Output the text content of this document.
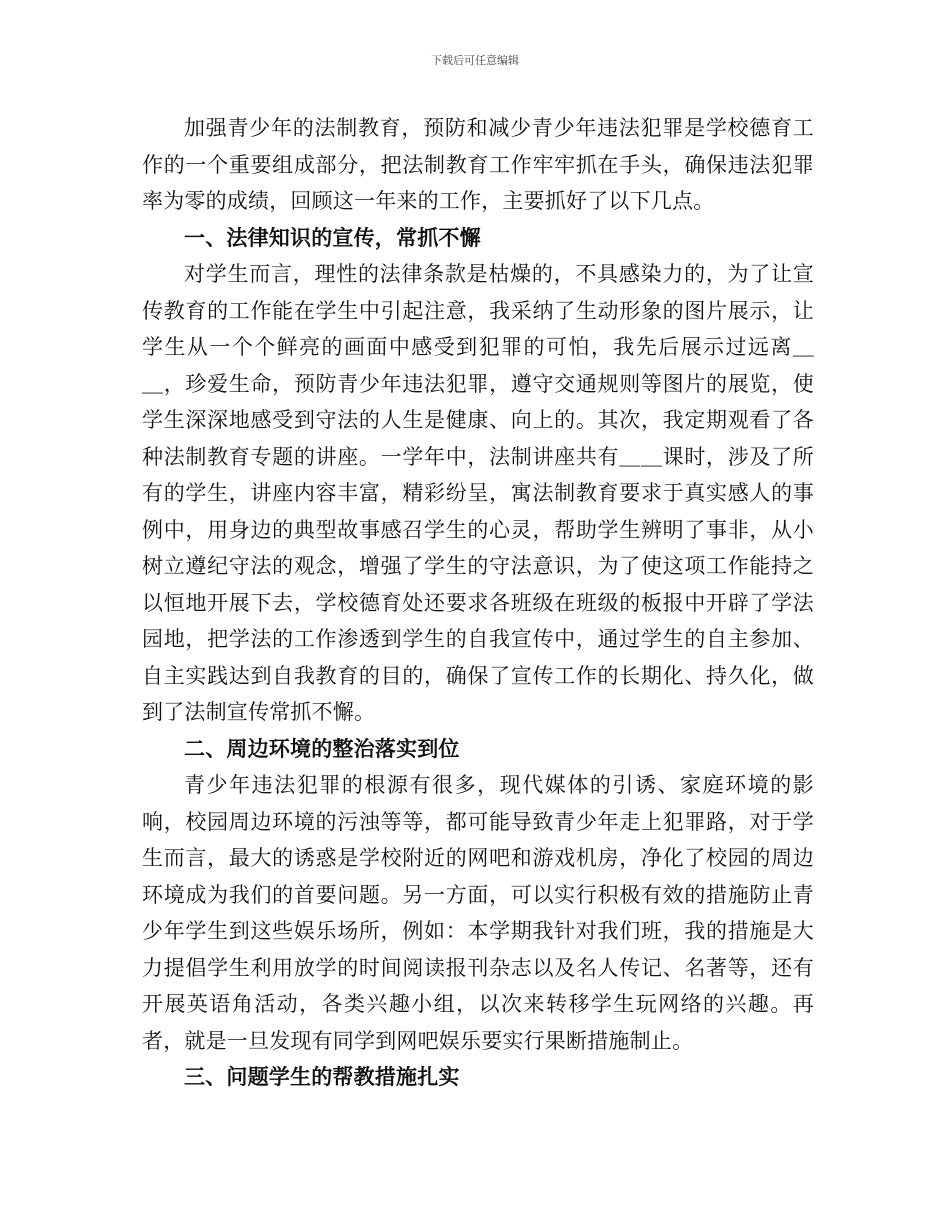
下载后可任意编辑

加强青少年的法制教育，预防和减少青少年违法犯罪是学校德育工作的一个重要组成部分，把法制教育工作牢牢抓在手头，确保违法犯罪率为零的成绩，回顾这一年来的工作，主要抓好了以下几点。

一、法律知识的宣传，常抓不懈

对学生而言，理性的法律条款是枯燥的，不具感染力的，为了让宣传教育的工作能在学生中引起注意，我采纳了生动形象的图片展示，让学生从一个个鲜亮的画面中感受到犯罪的可怕，我先后展示过远离＿＿，珍爱生命，预防青少年违法犯罪，遵守交通规则等图片的展览，使学生深深地感受到守法的人生是健康、向上的。其次，我定期观看了各种法制教育专题的讲座。一学年中，法制讲座共有＿＿课时，涉及了所有的学生，讲座内容丰富，精彩纷呈，寓法制教育要求于真实感人的事例中，用身边的典型故事感召学生的心灵，帮助学生辨明了事非，从小树立遵纪守法的观念，增强了学生的守法意识，为了使这项工作能持之以恒地开展下去，学校德育处还要求各班级在班级的板报中开辟了学法园地，把学法的工作渗透到学生的自我宣传中，通过学生的自主参加、自主实践达到自我教育的目的，确保了宣传工作的长期化、持久化，做到了法制宣传常抓不懈。

二、周边环境的整治落实到位

青少年违法犯罪的根源有很多，现代媒体的引诱、家庭环境的影响，校园周边环境的污浊等等，都可能导致青少年走上犯罪路，对于学生而言，最大的诱惑是学校附近的网吧和游戏机房，净化了校园的周边环境成为我们的首要问题。另一方面，可以实行积极有效的措施防止青少年学生到这些娱乐场所，例如：本学期我针对我们班，我的措施是大力提倡学生利用放学的时间阅读报刊杂志以及名人传记、名著等，还有开展英语角活动，各类兴趣小组，以次来转移学生玩网络的兴趣。再者，就是一旦发现有同学到网吧娱乐要实行果断措施制止。

三、问题学生的帮教措施扎实
